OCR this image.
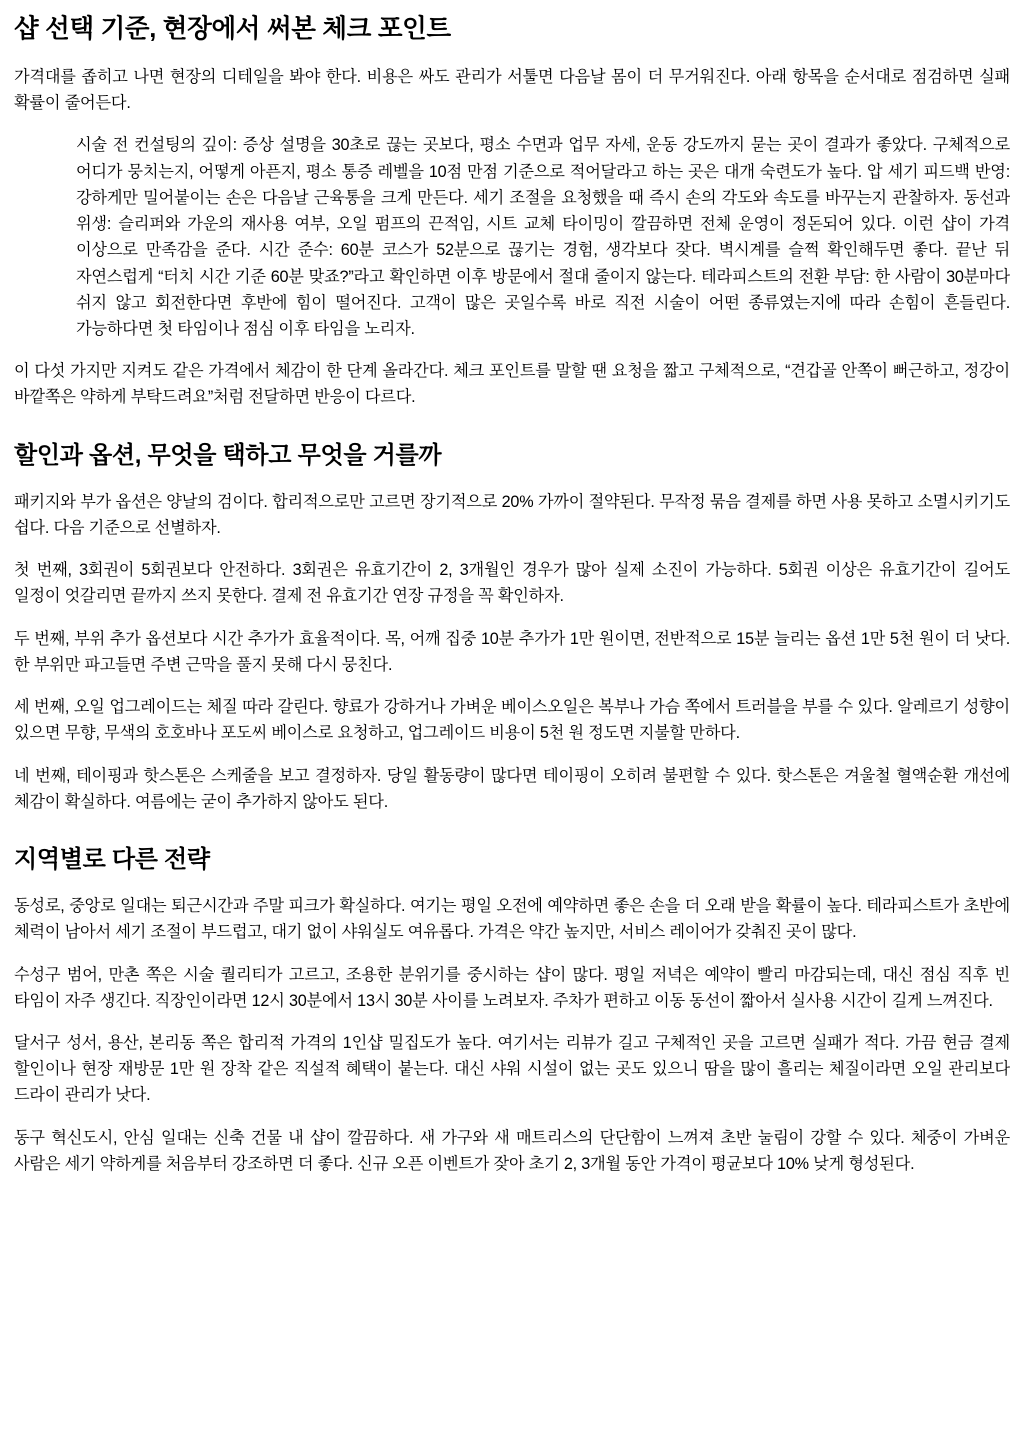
샵 선택 기준, 현장에서 써본 체크 포인트

가격대를 좁히고 나면 현장의 디테일을 봐야 한다. 비용은 싸도 관리가 서툴면 다음날 몸이 더 무거워진다. 아래 항목을 순서대로 점검하면 실패 확률이 줄어든다.

시술 전 컨설팅의 깊이: 증상 설명을 30초로 끊는 곳보다, 평소 수면과 업무 자세, 운동 강도까지 묻는 곳이 결과가 좋았다. 구체적으로 어디가 뭉치는지, 어떻게 아픈지, 평소 통증 레벨을 10점 만점 기준으로 적어달라고 하는 곳은 대개 숙련도가 높다. 압 세기 피드백 반영: 강하게만 밀어붙이는 손은 다음날 근육통을 크게 만든다. 세기 조절을 요청했을 때 즉시 손의 각도와 속도를 바꾸는지 관찰하자. 동선과 위생: 슬리퍼와 가운의 재사용 여부, 오일 펌프의 끈적임, 시트 교체 타이밍이 깔끔하면 전체 운영이 정돈되어 있다. 이런 샵이 가격 이상으로 만족감을 준다. 시간 준수: 60분 코스가 52분으로 끊기는 경험, 생각보다 잦다. 벽시계를 슬쩍 확인해두면 좋다. 끝난 뒤 자연스럽게 “터치 시간 기준 60분 맞죠?”라고 확인하면 이후 방문에서 절대 줄이지 않는다. 테라피스트의 전환 부담: 한 사람이 30분마다 쉬지 않고 회전한다면 후반에 힘이 떨어진다. 고객이 많은 곳일수록 바로 직전 시술이 어떤 종류였는지에 따라 손힘이 흔들린다. 가능하다면 첫 타임이나 점심 이후 타임을 노리자.

이 다섯 가지만 지켜도 같은 가격에서 체감이 한 단계 올라간다. 체크 포인트를 말할 땐 요청을 짧고 구체적으로, “견갑골 안쪽이 뻐근하고, 정강이 바깥쪽은 약하게 부탁드려요”처럼 전달하면 반응이 다르다.

할인과 옵션, 무엇을 택하고 무엇을 거를까

패키지와 부가 옵션은 양날의 검이다. 합리적으로만 고르면 장기적으로 20% 가까이 절약된다. 무작정 묶음 결제를 하면 사용 못하고 소멸시키기도 쉽다. 다음 기준으로 선별하자.

첫 번째, 3회권이 5회권보다 안전하다. 3회권은 유효기간이 2, 3개월인 경우가 많아 실제 소진이 가능하다. 5회권 이상은 유효기간이 길어도 일정이 엇갈리면 끝까지 쓰지 못한다. 결제 전 유효기간 연장 규정을 꼭 확인하자.

두 번째, 부위 추가 옵션보다 시간 추가가 효율적이다. 목, 어깨 집중 10분 추가가 1만 원이면, 전반적으로 15분 늘리는 옵션 1만 5천 원이 더 낫다. 한 부위만 파고들면 주변 근막을 풀지 못해 다시 뭉친다.

세 번째, 오일 업그레이드는 체질 따라 갈린다. 향료가 강하거나 가벼운 베이스오일은 복부나 가슴 쪽에서 트러블을 부를 수 있다. 알레르기 성향이 있으면 무향, 무색의 호호바나 포도씨 베이스로 요청하고, 업그레이드 비용이 5천 원 정도면 지불할 만하다.

네 번째, 테이핑과 핫스톤은 스케줄을 보고 결정하자. 당일 활동량이 많다면 테이핑이 오히려 불편할 수 있다. 핫스톤은 겨울철 혈액순환 개선에 체감이 확실하다. 여름에는 굳이 추가하지 않아도 된다.

지역별로 다른 전략

동성로, 중앙로 일대는 퇴근시간과 주말 피크가 확실하다. 여기는 평일 오전에 예약하면 좋은 손을 더 오래 받을 확률이 높다. 테라피스트가 초반에 체력이 남아서 세기 조절이 부드럽고, 대기 없이 샤워실도 여유롭다. 가격은 약간 높지만, 서비스 레이어가 갖춰진 곳이 많다.

수성구 범어, 만촌 쪽은 시술 퀄리티가 고르고, 조용한 분위기를 중시하는 샵이 많다. 평일 저녁은 예약이 빨리 마감되는데, 대신 점심 직후 빈 타임이 자주 생긴다. 직장인이라면 12시 30분에서 13시 30분 사이를 노려보자. 주차가 편하고 이동 동선이 짧아서 실사용 시간이 길게 느껴진다.

달서구 성서, 용산, 본리동 쪽은 합리적 가격의 1인샵 밀집도가 높다. 여기서는 리뷰가 길고 구체적인 곳을 고르면 실패가 적다. 가끔 현금 결제 할인이나 현장 재방문 1만 원 장착 같은 직설적 혜택이 붙는다. 대신 샤워 시설이 없는 곳도 있으니 땀을 많이 흘리는 체질이라면 오일 관리보다 드라이 관리가 낫다.

동구 혁신도시, 안심 일대는 신축 건물 내 샵이 깔끔하다. 새 가구와 새 매트리스의 단단함이 느껴져 초반 눌림이 강할 수 있다. 체중이 가벼운 사람은 세기 약하게를 처음부터 강조하면 더 좋다. 신규 오픈 이벤트가 잦아 초기 2, 3개월 동안 가격이 평균보다 10% 낮게 형성된다.
